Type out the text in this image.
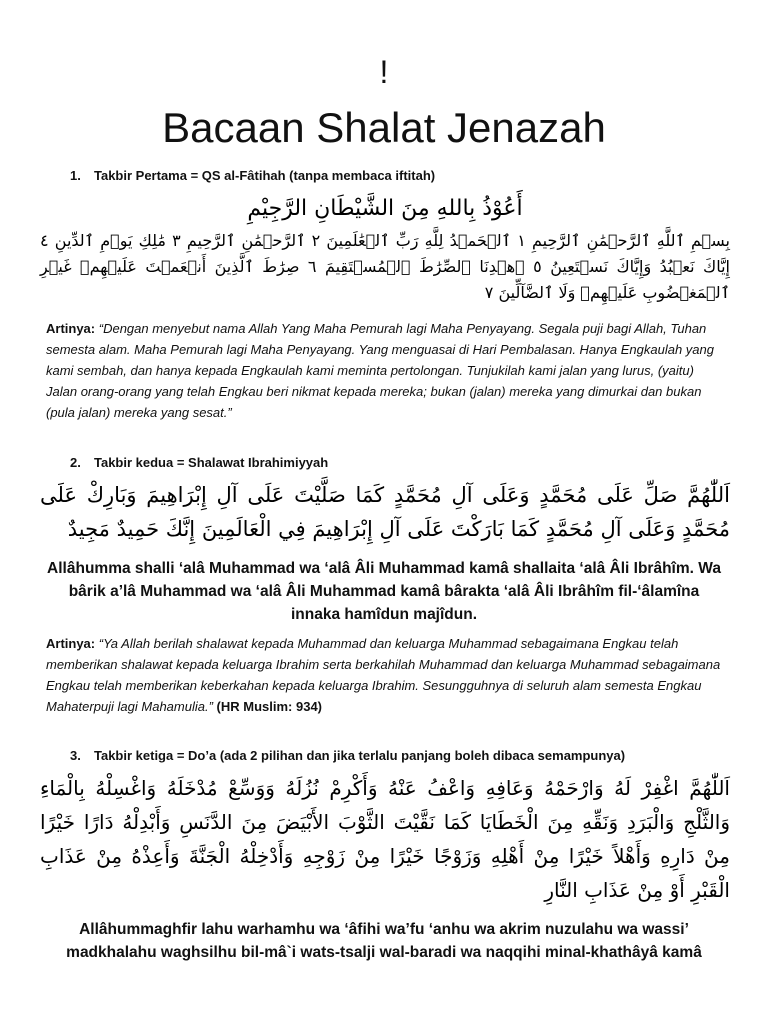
!
Bacaan Shalat Jenazah
1. Takbir Pertama = QS al-Fâtihah (tanpa membaca iftitah)
أَعُوْذُ بِاللهِ مِنَ الشَّيْطَانِ الرَّجِيْمِ
بِسۡمِ ٱللَّهِ ٱلرَّحۡمَٰنِ ٱلرَّحِيمِ ١ ٱلۡحَمۡدُ لِلَّهِ رَبِّ ٱلۡعَٰلَمِينَ ٢ ٱلرَّحۡمَٰنِ ٱلرَّحِيمِ ٣ مَٰلِكِ يَوۡمِ ٱلدِّينِ ٤ إِيَّاكَ نَعۡبُدُ وَإِيَّاكَ نَسۡتَعِينُ ٥ ٱهۡدِنَا ٱلصِّرَٰطَ ٱلۡمُسۡتَقِيمَ ٦ صِرَٰطَ ٱلَّذِينَ أَنۡعَمۡتَ عَلَيۡهِمۡ غَيۡرِ ٱلۡمَغۡضُوبِ عَلَيۡهِمۡ وَلَا ٱلضَّآلِّينَ ٧
Artinya: “Dengan menyebut nama Allah Yang Maha Pemurah lagi Maha Penyayang. Segala puji bagi Allah, Tuhan semesta alam. Maha Pemurah lagi Maha Penyayang. Yang menguasai di Hari Pembalasan. Hanya Engkaulah yang kami sembah, dan hanya kepada Engkaulah kami meminta pertolongan. Tunjukilah kami jalan yang lurus, (yaitu) Jalan orang-orang yang telah Engkau beri nikmat kepada mereka; bukan (jalan) mereka yang dimurkai dan bukan (pula jalan) mereka yang sesat.”
2. Takbir kedua = Shalawat Ibrahimiyyah
اَللّٰهُمَّ صَلِّ عَلَى مُحَمَّدٍ وَعَلَى آلِ مُحَمَّدٍ كَمَا صَلَّيْتَ عَلَى آلِ إِبْرَاهِيمَ وَبَارِكْ عَلَى مُحَمَّدٍ وَعَلَى آلِ مُحَمَّدٍ كَمَا بَارَكْتَ عَلَى آلِ إِبْرَاهِيمَ فِي الْعَالَمِينَ إِنَّكَ حَمِيدٌ مَجِيدٌ
Allâhumma shalli ‘alâ Muhammad wa ‘alâ Âli Muhammad kamâ shallaita ‘alâ Âli Ibrâhîm. Wa bârik a’lâ Muhammad wa ‘alâ Âli Muhammad kamâ bârakta ‘alâ Âli Ibrâhîm fil-‘âlamîna innaka hamîdun majîdun.
Artinya: “Ya Allah berilah shalawat kepada Muhammad dan keluarga Muhammad sebagaimana Engkau telah memberikan shalawat kepada keluarga Ibrahim serta berkahilah Muhammad dan keluarga Muhammad sebagaimana Engkau telah memberikan keberkahan kepada keluarga Ibrahim. Sesungguhnya di seluruh alam semesta Engkau Mahaterpuji lagi Mahamulia.” (HR Muslim: 934)
3. Takbir ketiga = Do’a (ada 2 pilihan dan jika terlalu panjang boleh dibaca semampunya)
اَللّٰهُمَّ اغْفِرْ لَهُ وَارْحَمْهُ وَعَافِهِ وَاعْفُ عَنْهُ وَأَكْرِمْ نُزُلَهُ وَوَسِّعْ مُدْخَلَهُ وَاغْسِلْهُ بِالْمَاءِ وَالثَّلْجِ وَالْبَرَدِ وَنَقِّهِ مِنَ الْخَطَايَا كَمَا نَقَّيْتَ الثَّوْبَ الأَبْيَضَ مِنَ الدَّنَسِ وَأَبْدِلْهُ دَارًا خَيْرًا مِنْ دَارِهِ وَأَهْلاً خَيْرًا مِنْ أَهْلِهِ وَزَوْجًا خَيْرًا مِنْ زَوْجِهِ وَأَدْخِلْهُ الْجَنَّةَ وَأَعِذْهُ مِنْ عَذَابِ الْقَبْرِ أَوْ مِنْ عَذَابِ النَّارِ
Allâhummaghfir lahu warhamhu wa ‘âfihi wa’fu ‘anhu wa akrim nuzulahu wa wassi’ madkhalahu waghsilhu bil-mâ`i wats-tsalji wal-baradi wa naqqihi minal-khathâyâ kamâ
